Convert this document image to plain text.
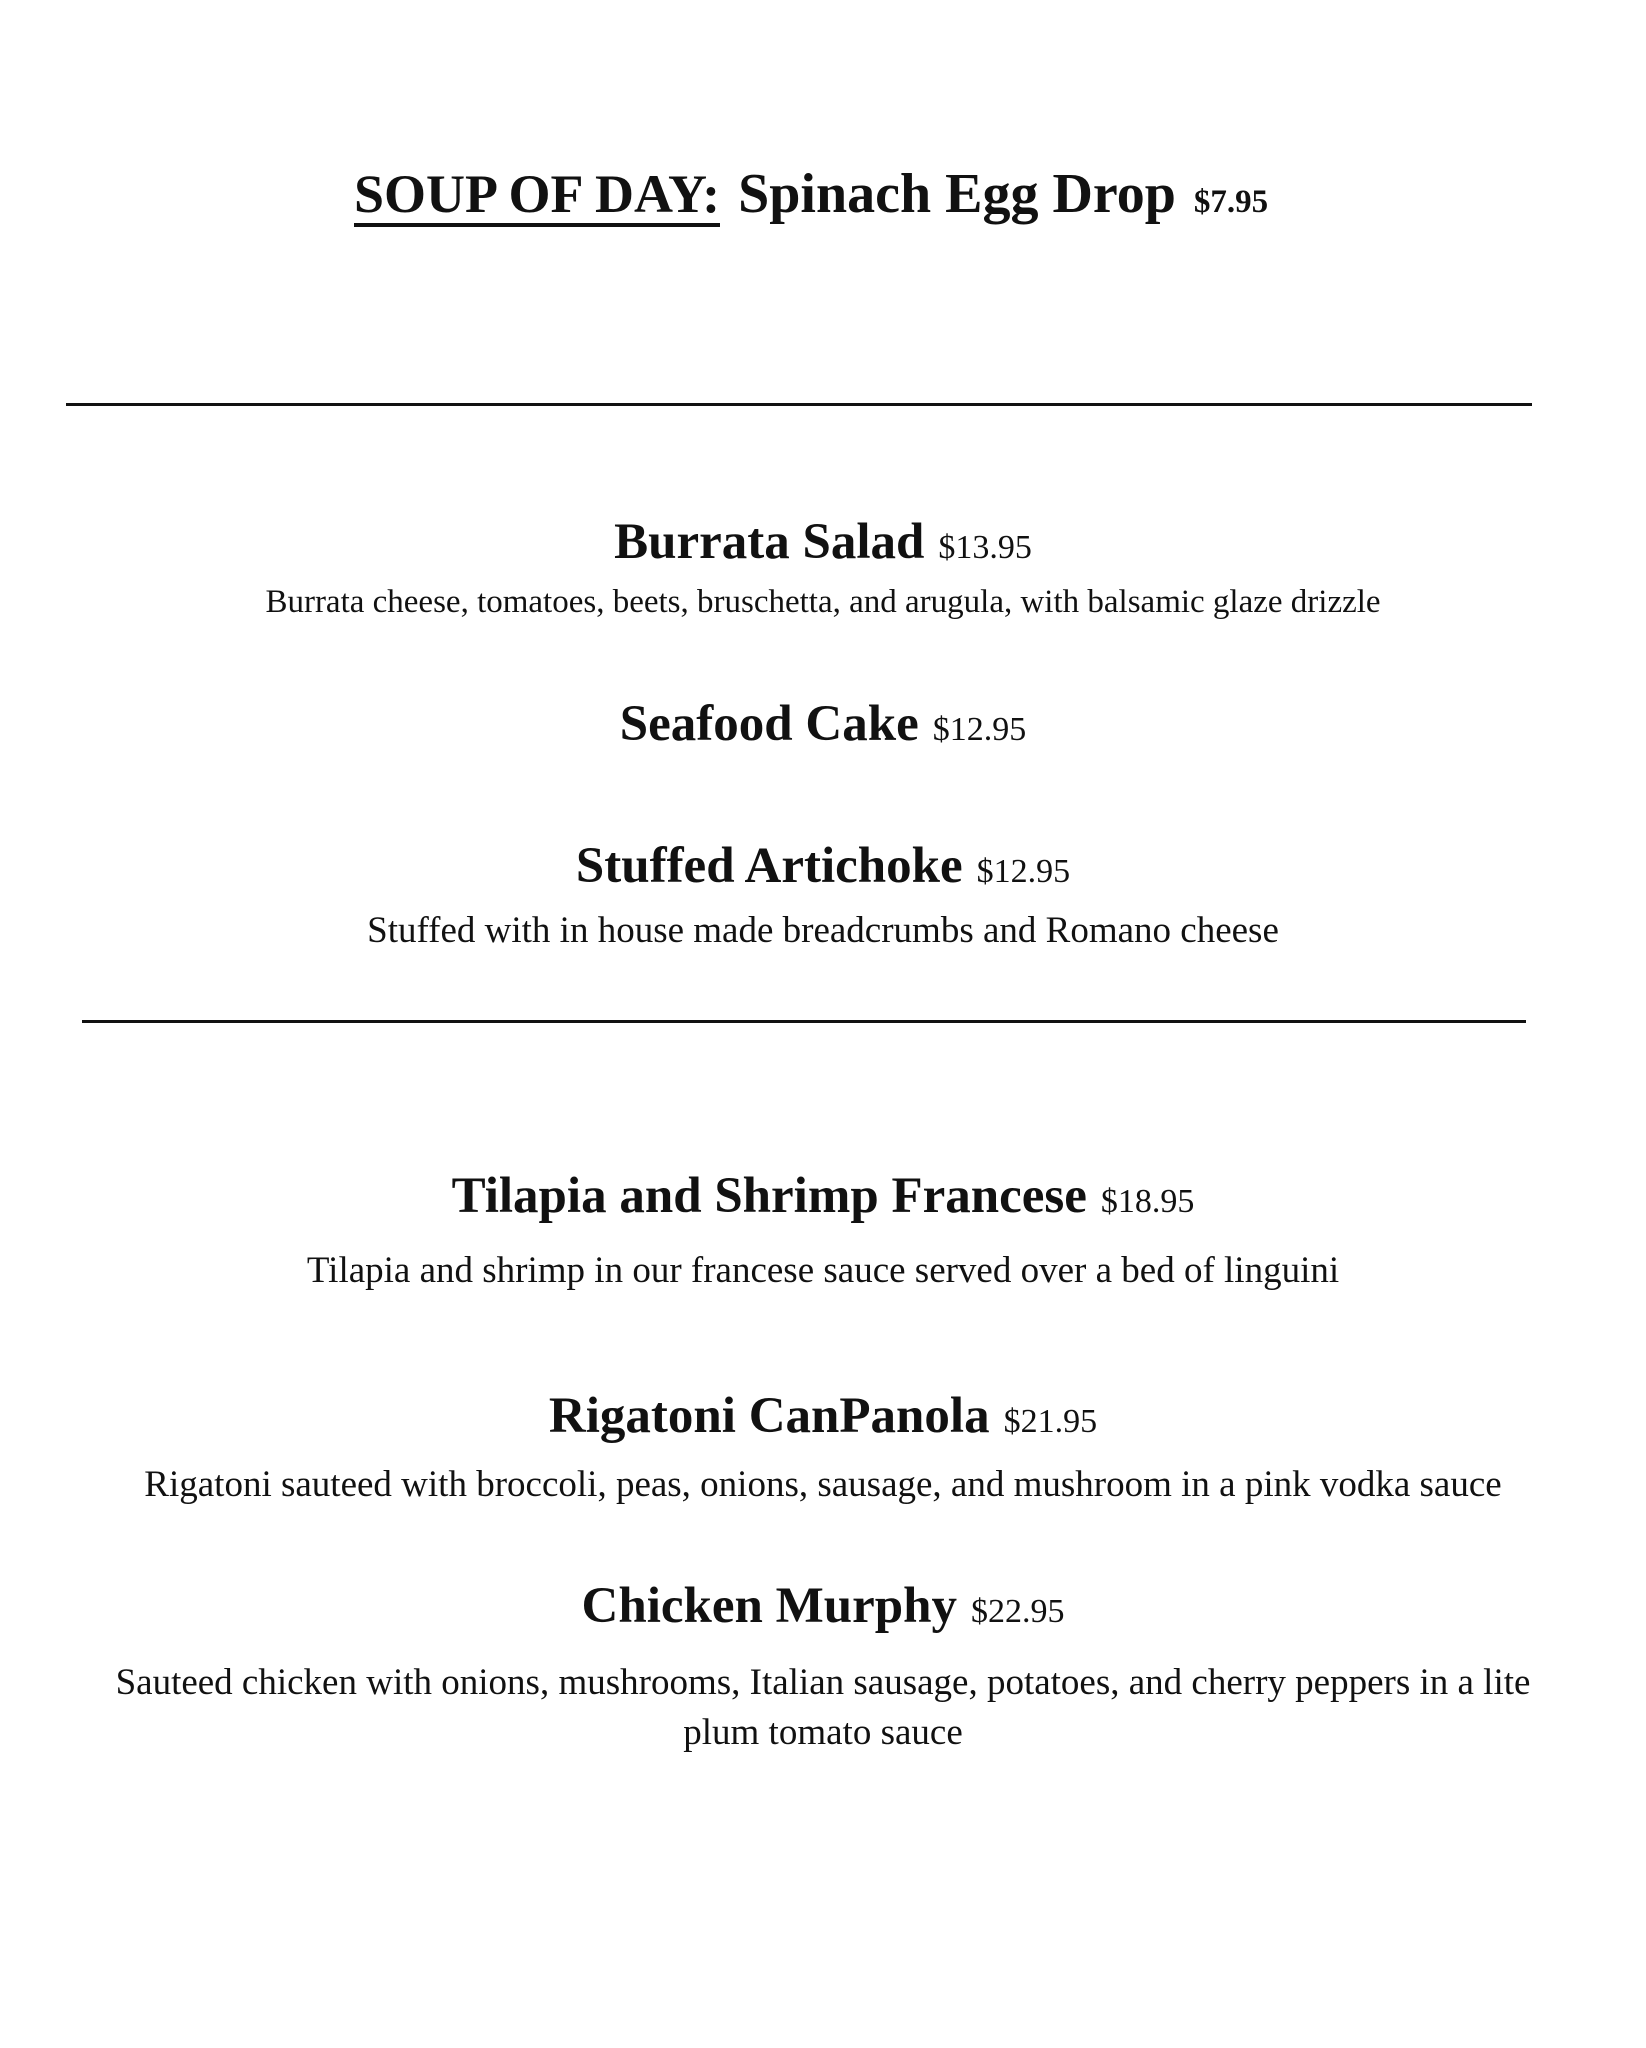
SOUP OF DAY: Spinach Egg Drop $7.95
Burrata Salad $13.95
Burrata cheese, tomatoes, beets, bruschetta, and arugula, with balsamic glaze drizzle
Seafood Cake $12.95
Stuffed Artichoke $12.95
Stuffed with in house made breadcrumbs and Romano cheese
Tilapia and Shrimp Francese $18.95
Tilapia and shrimp in our francese sauce served over a bed of linguini
Rigatoni CanPanola $21.95
Rigatoni sauteed with broccoli, peas, onions, sausage, and mushroom in a pink vodka sauce
Chicken Murphy $22.95
Sauteed chicken with onions, mushrooms, Italian sausage, potatoes, and cherry peppers in a lite
plum tomato sauce
